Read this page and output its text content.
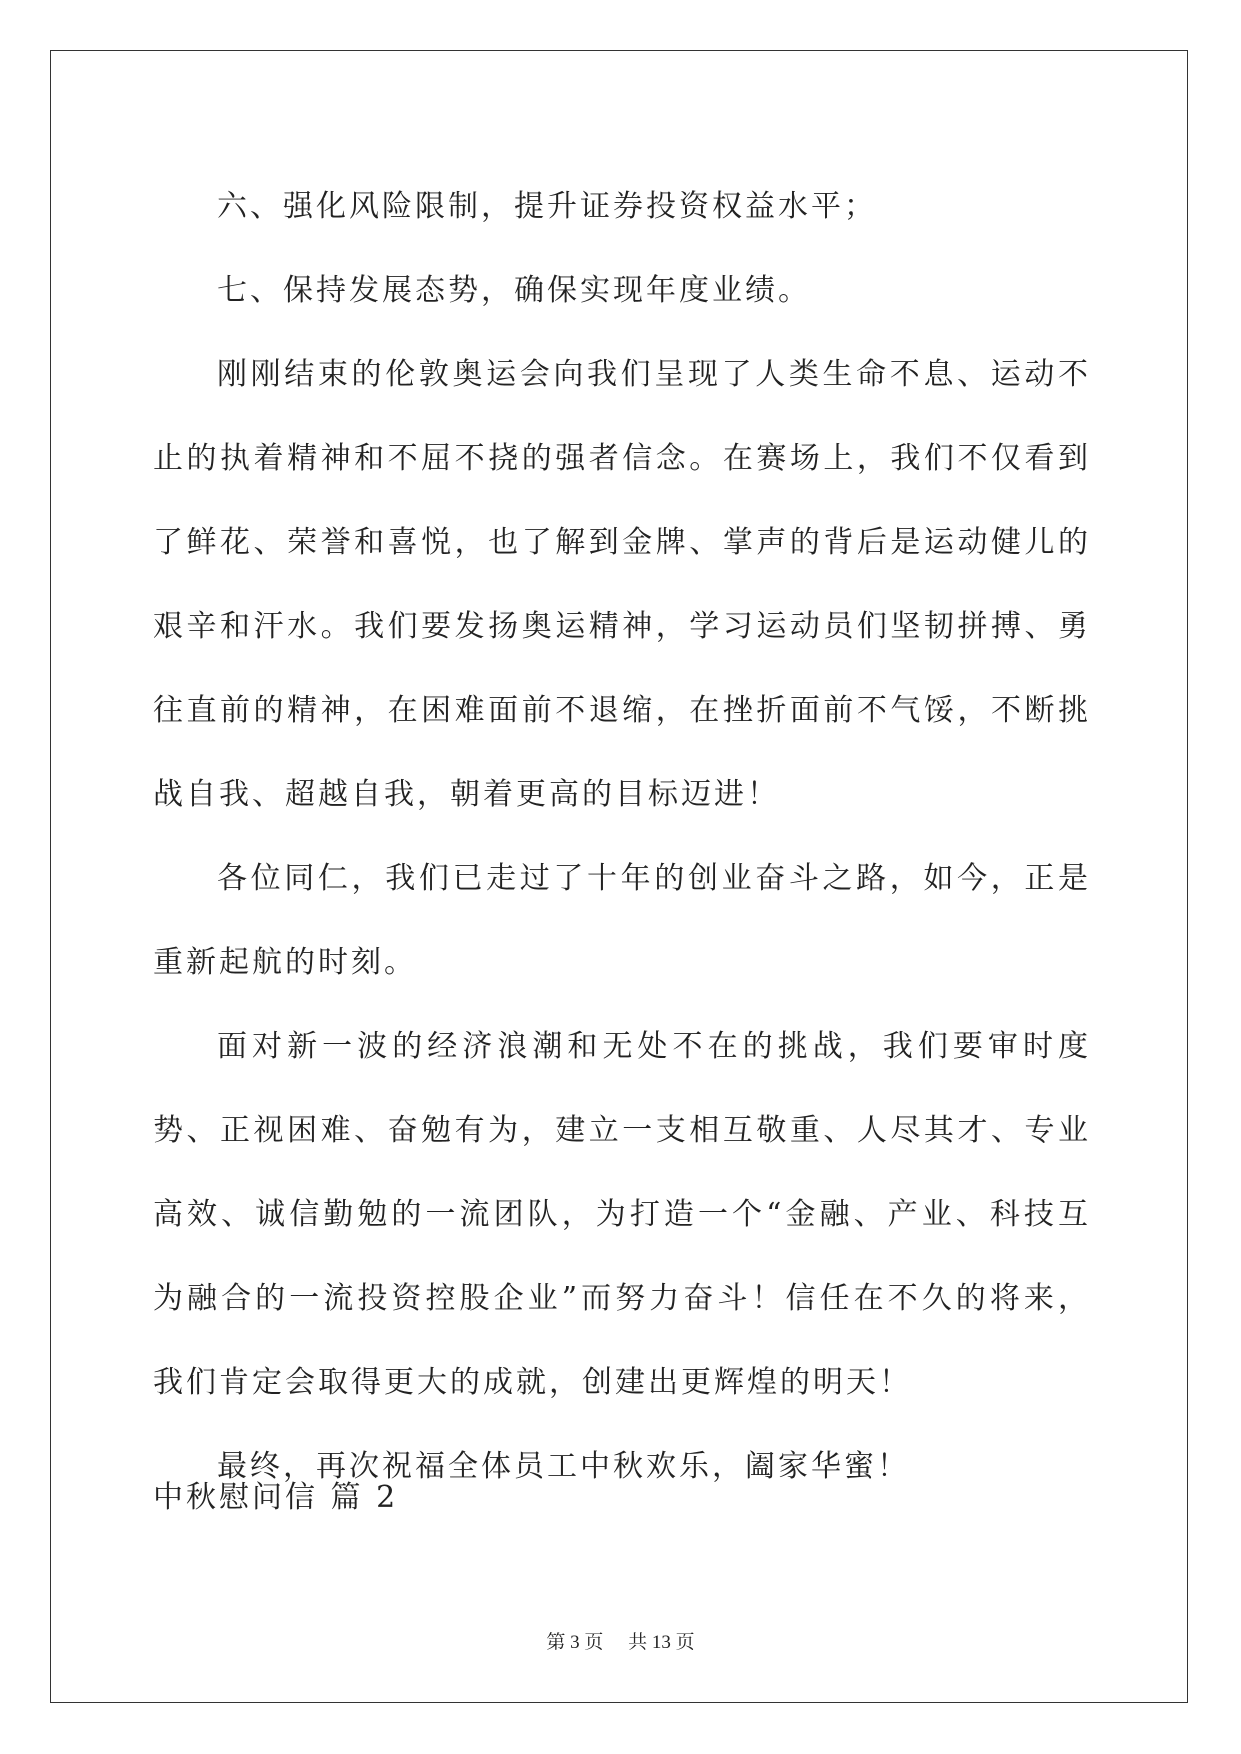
六、强化风险限制，提升证券投资权益水平；

七、保持发展态势，确保实现年度业绩。

刚刚结束的伦敦奥运会向我们呈现了人类生命不息、运动不止的执着精神和不屈不挠的强者信念。在赛场上，我们不仅看到了鲜花、荣誉和喜悦，也了解到金牌、掌声的背后是运动健儿的艰辛和汗水。我们要发扬奥运精神，学习运动员们坚韧拼搏、勇往直前的精神，在困难面前不退缩，在挫折面前不气馁，不断挑战自我、超越自我，朝着更高的目标迈进！

各位同仁，我们已走过了十年的创业奋斗之路，如今，正是重新起航的时刻。

面对新一波的经济浪潮和无处不在的挑战，我们要审时度势、正视困难、奋勉有为，建立一支相互敬重、人尽其才、专业高效、诚信勤勉的一流团队，为打造一个“金融、产业、科技互为融合的一流投资控股企业”而努力奋斗！信任在不久的将来，我们肯定会取得更大的成就，创建出更辉煌的明天！

最终，再次祝福全体员工中秋欢乐，阖家华蜜！

中秋慰问信 篇 2
第 3 页 共 13 页
